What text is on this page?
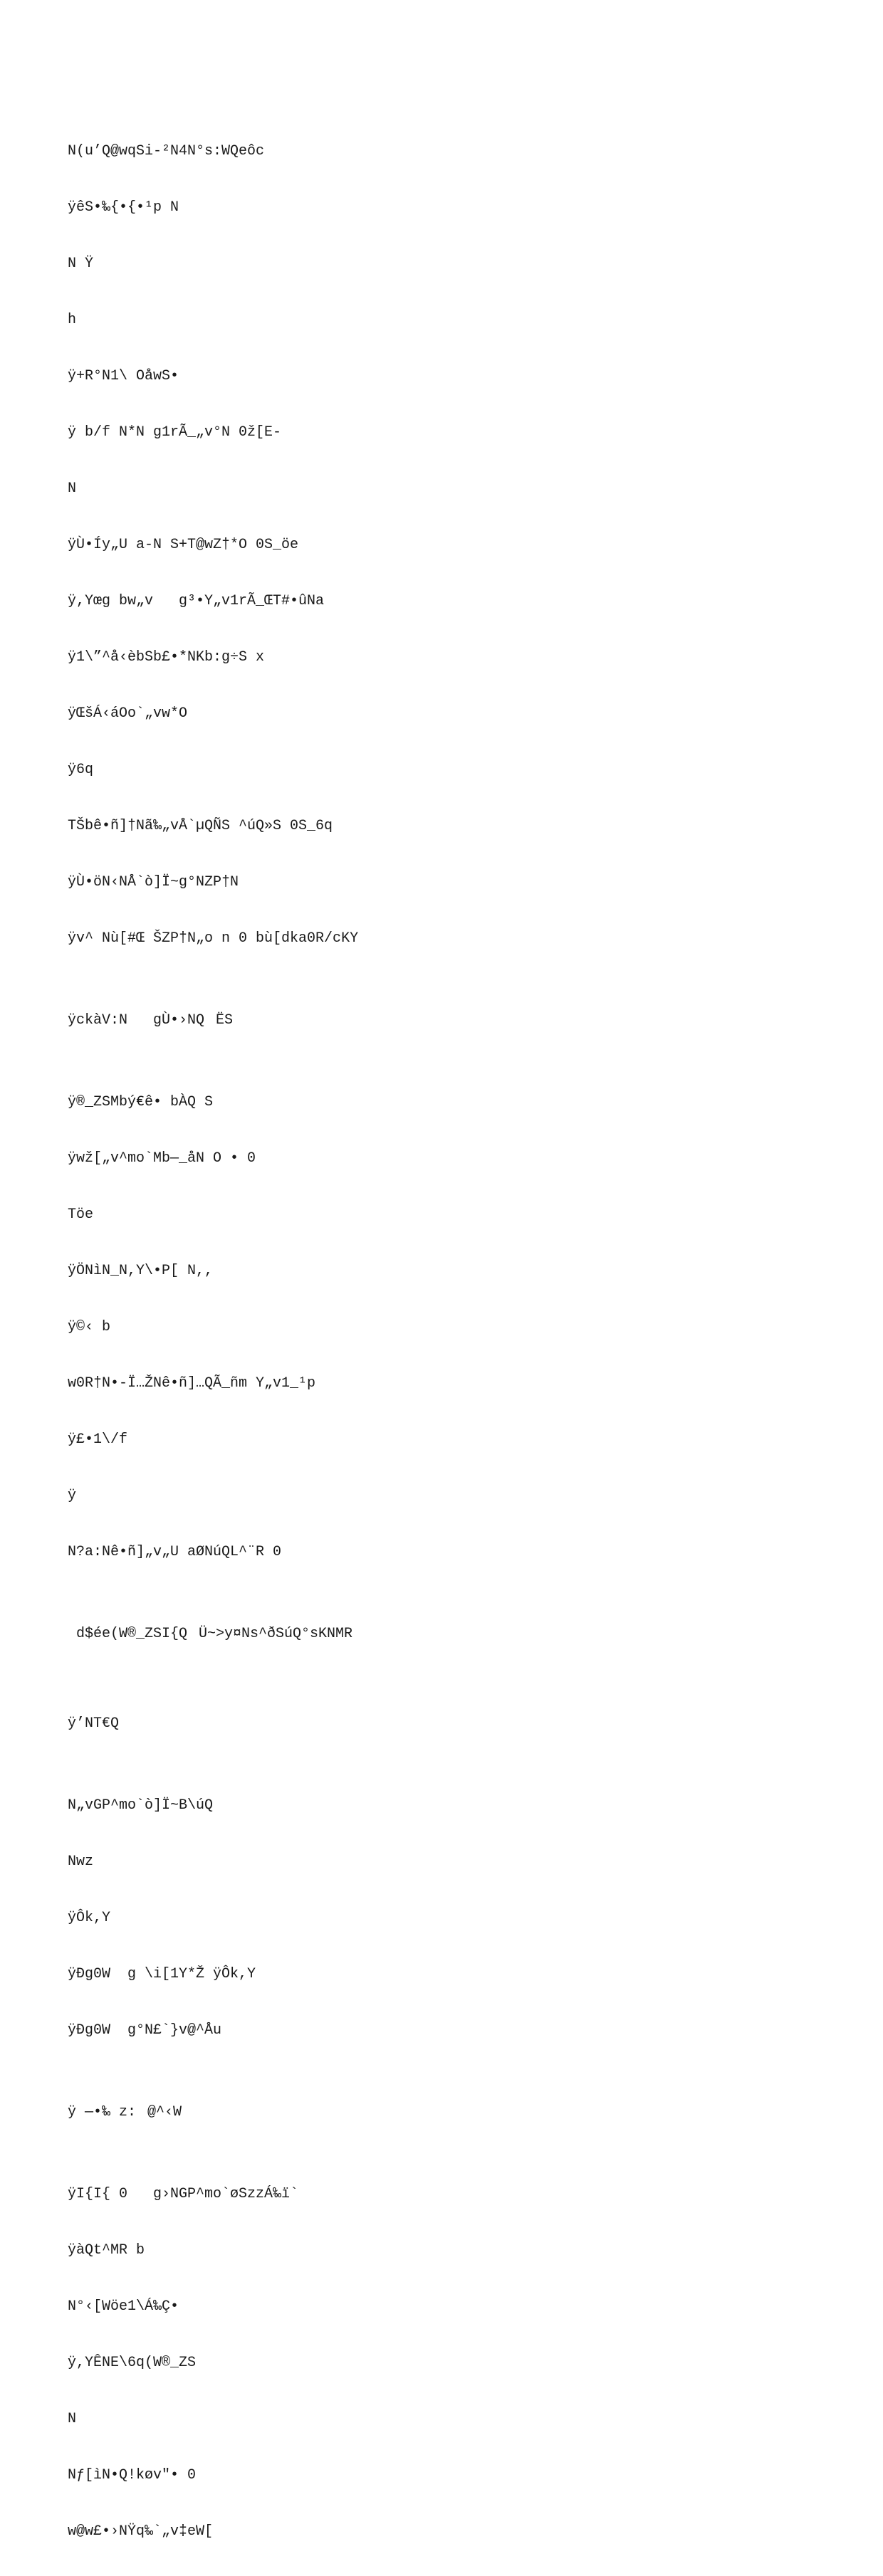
N(u’Q@wqSi-²N4N°s:WQeôc

ÿêS•‰{•{•¹p N

N Ÿ

h

ÿ+R°N1\ OåwS•

ÿ b/f N*N g1rÃ_„v°N 0ž[E-

N

ÿÙ•Íy„U a-N S+T@wZ†*O 0S_öe

ÿ,Yœg bw„v   g³•Y„v1rÃ_ŒT#•ûNa

ÿ1\”^å‹èbSb£•*NKb:g÷S x

ÿŒšÁ‹áOo`„vw*O

ÿ6q

TŠbê•ñ]†Nã‰„vÅ`µQÑS ^úQ»S 0S_6q

ÿÙ•öN‹NÅ`ò]Ï~g°NZP†N

ÿv^ Nù[#Œ ŠZP†N„o n 0 bù[dka0R/cKY

ÿckàV:N   gÙ•›NQËS

ÿ®_ZSMbý€ê• bÀQ S

ÿwž[„v^mo`Mb—_åN O • 0

Töe

ÿÖNìN_N,Y\•P[ N,,

ÿ©‹ b

w0R†N•-Ï…ŽNê•ñ]…QÃ_ñm Y„v1_¹p

ÿ£•1\/f

ÿ

N?a:Nê•ñ]„v„U aØNúQL^¨R 0

d$ée(W®_ZSI{QÜ~>y¤Ns^ðSúQ°sKNMR

ÿ’NT€Q

N„vGP^mo`ò]Ï~B\úQ

Nwz

ÿÔk,Y

ÿÐg0W  g \i[1Y*Ž ÿÔk,Y

ÿÐg0W  g°N£`}v@^Åu

ÿ —•‰ z:@^‹W

ÿI{I{ 0   g›NGP^mo`øSzzÁ‰ï`

ÿàQt^MR b

N°‹[Wöe1\Á‰Ç•

ÿ,YÊNE\6q(W®_ZS

N

Nƒ[ìN•Q!køv"• 0

w@w£•›NŸq‰`„v‡eW[
